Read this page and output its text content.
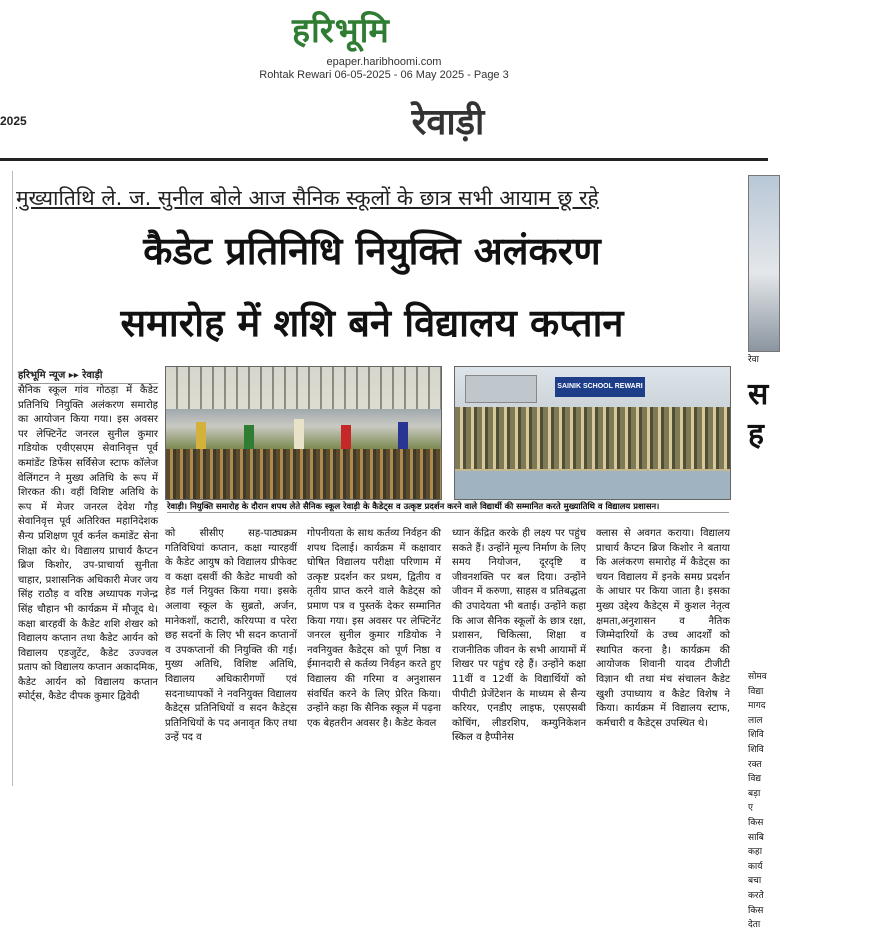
हरिभूमि
epaper.haribhoomi.com
Rohtak Rewari 06-05-2025 - 06 May 2025 - Page 3
2025	रेवाड़ी
मुख्यातिथि ले. ज. सुनील बोले आज सैनिक स्कूलों के छात्र सभी आयाम छू रहे
कैडेट प्रतिनिधि नियुक्ति अलंकरण
समारोह में शशि बने विद्यालय कप्तान
हरिभूमि न्यूज ▸▸ रेवाड़ी
SAINIK SCHOOL REWARI
रेवाड़ी। नियुक्ति समारोह के दौरान शपथ लेते सैनिक स्कूल रेवाड़ी के कैडेट्स व उत्कृष्ट प्रदर्शन करने वाले विद्यार्थी की सम्मानित करते मुख्यातिथि व विद्यालय प्रशासन।
सैनिक स्कूल गांव गोठड़ा में कैडेट प्रतिनिधि नियुक्ति अलंकरण समारोह का आयोजन किया गया। इस अवसर पर लेफ्टिनेंट जनरल सुनील कुमार गडियोक एवीएसएम सेवानिवृत्त पूर्व कमांडेंट डिफेंस सर्विसेज स्टाफ कॉलेज वेलिंगटन ने मुख्य अतिथि के रूप में शिरकत की। वहीं विशिष्ट अतिथि के रूप में मेजर जनरल देवेश गौड़ सेवानिवृत्त पूर्व अतिरिक्त महानिदेशक सैन्य प्रशिक्षण पूर्व कर्नल कमांडेंट सेना शिक्षा कोर थे। विद्यालय प्राचार्य कैप्टन ब्रिज किशोर, उप-प्राचार्या सुनीता चाहार, प्रशासनिक अधिकारी मेजर जय सिंह राठौड़ व वरिष्ठ अध्यापक गजेन्द्र सिंह चौहान भी कार्यक्रम में मौजूद थे। कक्षा बारहवीं के कैडेट शशि शेखर को विद्यालय कप्तान तथा कैडेट आर्यन को विद्यालय एडजुटेंट, कैडेट उज्ज्वल प्रताप को विद्यालय कप्तान अकादमिक, कैडेट आर्यन को विद्यालय कप्तान स्पोर्ट्स, कैडेट दीपक कुमार द्विवेदी
को सीसीए सह-पाठ्यक्रम गतिविधियां कप्तान, कक्षा ग्यारहवीं के कैडेट आयुष को विद्यालय प्रीफेक्ट व कक्षा दसवीं की कैडेट माधवी को हेड गर्ल नियुक्त किया गया। इसके अलावा स्कूल के सुब्रतो, अर्जन, मानेकशॉ, कटारी, करियप्पा व परेरा छह सदनों के लिए भी सदन कप्तानों व उपकप्तानों की नियुक्ति की गई। मुख्य अतिथि, विशिष्ट अतिथि, विद्यालय अधिकारीगणों एवं सदनाध्यापकों ने नवनियुक्त विद्यालय कैडेट्स प्रतिनिधियों व सदन कैडेट्स प्रतिनिधियों के पद अनावृत किए तथा उन्हें पद व
गोपनीयता के साथ कर्तव्य निर्वहन की शपथ दिलाई। कार्यक्रम में कक्षावार घोषित विद्यालय परीक्षा परिणाम में उत्कृष्ट प्रदर्शन कर प्रथम, द्वितीय व तृतीय प्राप्त करने वाले कैडेट्स को प्रमाण पत्र व पुस्तकें देकर सम्मानित किया गया। इस अवसर पर लेफ्टिनेंट जनरल सुनील कुमार गडियोक ने नवनियुक्त कैडेट्स को पूर्ण निष्ठा व ईमानदारी से कर्तव्य निर्वहन करते हुए विद्यालय की गरिमा व अनुशासन संवर्धित करने के लिए प्रेरित किया। उन्होंने कहा कि सैनिक स्कूल में पढ़ना एक बेहतरीन अवसर है। कैडेट केवल
ध्यान केंद्रित करके ही लक्ष्य पर पहुंच सकते हैं। उन्होंने मूल्य निर्माण के लिए समय नियोजन, दूरदृष्टि व जीवनशक्ति पर बल दिया। उन्होंने जीवन में करुणा, साहस व प्रतिबद्धता की उपादेयता भी बताई। उन्होंने कहा कि आज सैनिक स्कूलों के छात्र रक्षा, प्रशासन, चिकित्सा, शिक्षा व राजनीतिक जीवन के सभी आयामों में शिखर पर पहुंच रहे हैं। उन्होंने कक्षा 11वीं व 12वीं के विद्यार्थियों को पीपीटी प्रेजेंटेशन के माध्यम से सैन्य करियर, एनडीए लाइफ, एसएसबी कोचिंग, लीडरशिप, कम्युनिकेशन स्किल व हैप्पीनेस
क्लास से अवगत कराया। विद्यालय प्राचार्य कैप्टन ब्रिज किशोर ने बताया कि अलंकरण समारोह में कैडेट्स का चयन विद्यालय में इनके समग्र प्रदर्शन के आधार पर किया जाता है। इसका मुख्य उद्देश्य कैडेट्स में कुशल नेतृत्व क्षमता,अनुशासन व नैतिक जिम्मेदारियों के उच्च आदर्शों को स्थापित करना है। कार्यक्रम की आयोजक शिवानी यादव टीजीटी विज्ञान थी तथा मंच संचालन कैडेट खुशी उपाध्याय व कैडेट विशेष ने किया। कार्यक्रम में विद्यालय स्टाफ, कर्मचारी व कैडेट्स उपस्थित थे।
रेवा
स
ह
सोमव
विद्या
मागद
लाल
शिवि
शिवि
रक्त
विद्य
बड़ा
ए
किस
साबि
कहा
कार्य
बचा
करते
किस
देता
